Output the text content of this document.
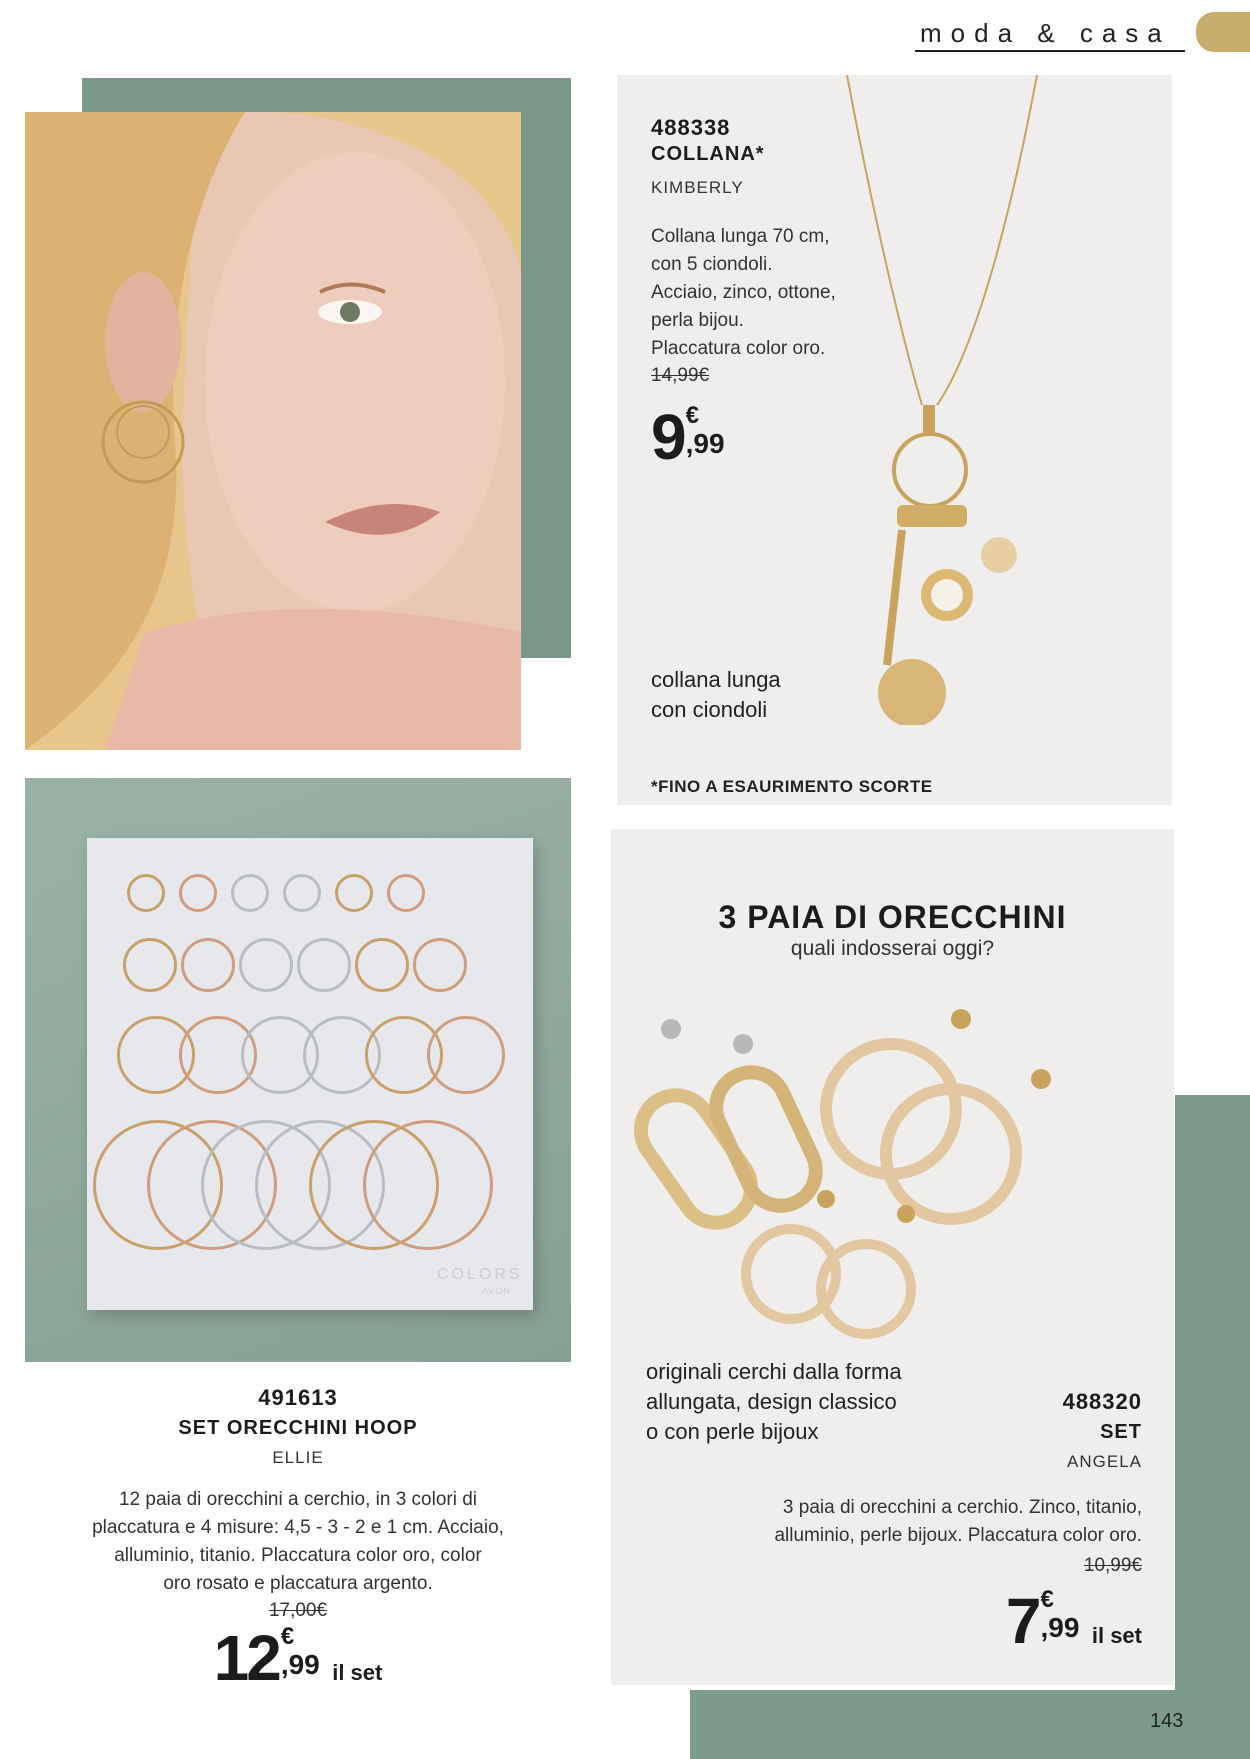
moda & casa
488338
COLLANA*
KIMBERLY
Collana lunga 70 cm,
con 5 ciondoli.
Acciaio, zinco, ottone,
perla bijou.
Placcatura color oro.
14,99€
9 €
,99
collana lunga
con ciondoli
*FINO A ESAURIMENTO SCORTE
COLORS
AVON
491613
SET ORECCHINI HOOP
ELLIE
12 paia di orecchini a cerchio, in 3 colori di
placcatura e 4 misure: 4,5 - 3 - 2 e 1 cm. Acciaio,
alluminio, titanio. Placcatura color oro, color
oro rosato e placcatura argento.
17,00€
12 €
,99 il set
3 PAIA DI ORECCHINI
quali indosserai oggi?
originali cerchi dalla forma
allungata, design classico
o con perle bijoux
488320
SET
ANGELA
3 paia di orecchini a cerchio. Zinco, titanio,
alluminio, perle bijoux. Placcatura color oro.
10,99€
7 €
,99 il set
143
